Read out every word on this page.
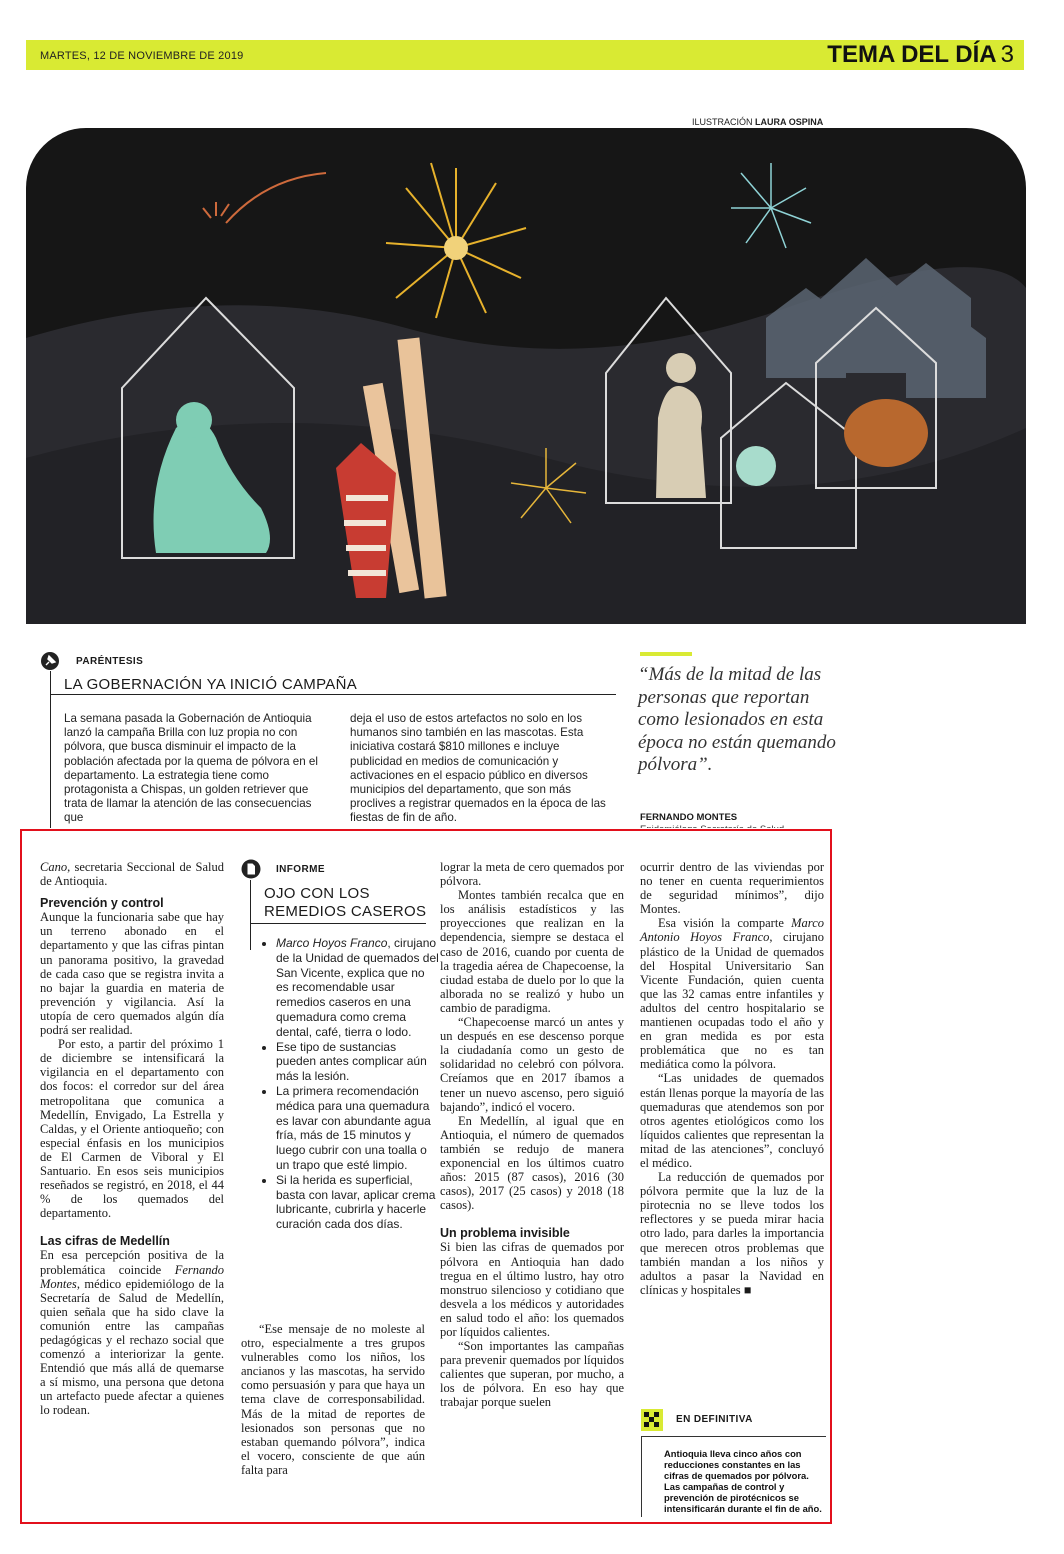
MARTES, 12 DE NOVIEMBRE DE 2019	TEMA DEL DÍA 3
ILUSTRACIÓN LAURA OSPINA
PARÉNTESIS
LA GOBERNACIÓN YA INICIÓ CAMPAÑA
La semana pasada la Gobernación de Antioquia lanzó la campaña Brilla con luz propia no con pólvora, que busca disminuir el impacto de la población afectada por la quema de pólvora en el departamento. La estrategia tiene como protagonista a Chispas, un golden retriever que trata de llamar la atención de las consecuencias que
deja el uso de estos artefactos no solo en los humanos sino también en las mascotas. Esta iniciativa costará $810 millones e incluye publicidad en medios de comunicación y activaciones en el espacio público en diversos municipios del departamento, que son más proclives a registrar quemados en la época de las fiestas de fin de año.
“Más de la mitad de las personas que reportan como lesionados en esta época no están quemando pólvora”.
FERNANDO MONTES

Cano, secretaria Seccional de Salud de Antioquia.

Prevención y control

Aunque la funcionaria sabe que hay un terreno abonado en el departamento y que las cifras pintan un panorama positivo, la gravedad de cada caso que se registra invita a no bajar la guardia en materia de prevención y vigilancia. Así la utopía de cero quemados algún día podrá ser realidad.

Por esto, a partir del próximo 1 de diciembre se intensificará la vigilancia en el departamento con dos focos: el corredor sur del área metropolitana que comunica a Medellín, Envigado, La Estrella y Caldas, y el Oriente antioqueño; con especial énfasis en los municipios de El Carmen de Viboral y El Santuario. En esos seis municipios reseñados se registró, en 2018, el 44 % de los quemados del departamento.

Las cifras de Medellín

En esa percepción positiva de la problemática coincide Fernando Montes, médico epidemiólogo de la Secretaría de Salud de Medellín, quien señala que ha sido clave la comunión entre las campañas pedagógicas y el rechazo social que comenzó a interiorizar la gente. Entendió que más allá de quemarse a sí mismo, una persona que detona un artefacto puede afectar a quienes lo rodean.

INFORME
OJO CON LOS
REMEDIOS CASEROS
• Marco Hoyos Franco, cirujano de la Unidad de quemados del San Vicente, explica que no es recomendable usar remedios caseros en una quemadura como crema dental, café, tierra o lodo.
• Ese tipo de sustancias pueden antes complicar aún más la lesión.
• La primera recomendación médica para una quemadura es lavar con abundante agua fría, más de 15 minutos y luego cubrir con una toalla o un trapo que esté limpio.
• Si la herida es superficial, basta con lavar, aplicar crema lubricante, cubrirla y hacerle curación cada dos días.

“Ese mensaje de no moleste al otro, especialmente a tres grupos vulnerables como los niños, los ancianos y las mascotas, ha servido como persuasión y para que haya un tema clave de corresponsabilidad. Más de la mitad de reportes de lesionados son personas que no estaban quemando pólvora”, indica el vocero, consciente de que aún falta para

lograr la meta de cero quemados por pólvora.

Montes también recalca que en los análisis estadísticos y las proyecciones que realizan en la dependencia, siempre se destaca el caso de 2016, cuando por cuenta de la tragedia aérea de Chapecoense, la ciudad estaba de duelo por lo que la alborada no se realizó y hubo un cambio de paradigma.

“Chapecoense marcó un antes y un después en ese descenso porque la ciudadanía como un gesto de solidaridad no celebró con pólvora. Creíamos que en 2017 íbamos a tener un nuevo ascenso, pero siguió bajando”, indicó el vocero.

En Medellín, al igual que en Antioquia, el número de quemados también se redujo de manera exponencial en los últimos cuatro años: 2015 (87 casos), 2016 (30 casos), 2017 (25 casos) y 2018 (18 casos).

Un problema invisible

Si bien las cifras de quemados por pólvora en Antioquia han dado tregua en el último lustro, hay otro monstruo silencioso y cotidiano que desvela a los médicos y autoridades en salud todo el año: los quemados por líquidos calientes.

“Son importantes las campañas para prevenir quemados por líquidos calientes que superan, por mucho, a los de pólvora. En eso hay que trabajar porque suelen

ocurrir dentro de las viviendas por no tener en cuenta requerimientos de seguridad mínimos”, dijo Montes.

Esa visión la comparte Marco Antonio Hoyos Franco, cirujano plástico de la Unidad de quemados del Hospital Universitario San Vicente Fundación, quien cuenta que las 32 camas entre infantiles y adultos del centro hospitalario se mantienen ocupadas todo el año y en gran medida es por esta problemática que no es tan mediática como la pólvora.

“Las unidades de quemados están llenas porque la mayoría de las quemaduras que atendemos son por otros agentes etiológicos como los líquidos calientes que representan la mitad de las atenciones”, concluyó el médico.

La reducción de quemados por pólvora permite que la luz de la pirotecnia no se lleve todos los reflectores y se pueda mirar hacia otro lado, para darles la importancia que merecen otros problemas que también mandan a los niños y adultos a pasar la Navidad en clínicas y hospitales ■

EN DEFINITIVA
Antioquia lleva cinco años con reducciones constantes en las cifras de quemados por pólvora. Las campañas de control y prevención de pirotécnicos se intensificarán durante el fin de año.
